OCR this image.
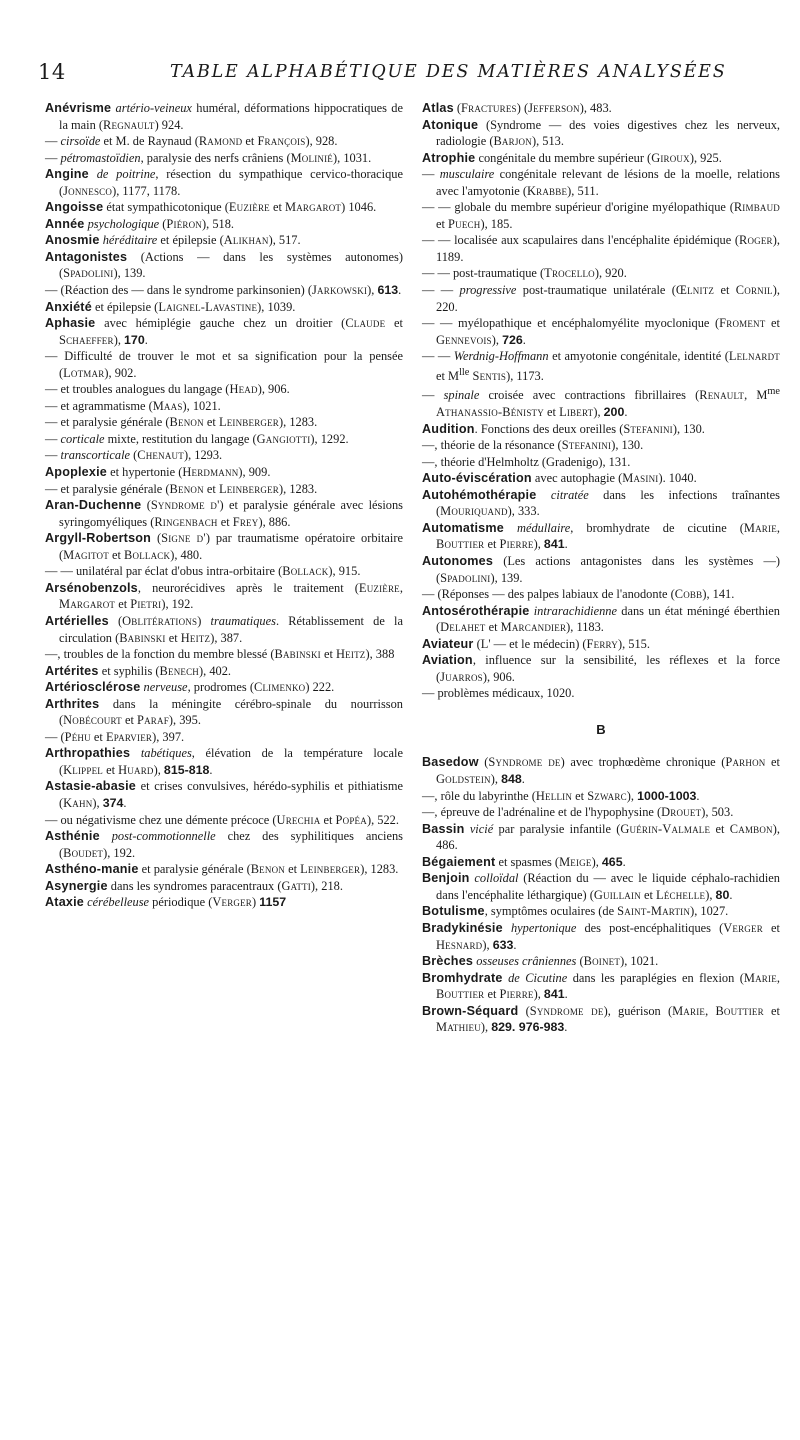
14	TABLE ALPHABÉTIQUE DES MATIÈRES ANALYSÉES

Anévrisme artério-veineux huméral, déformations hippocratiques de la main (Regnault) 924.

— cirsoïde et M. de Raynaud (Ramond et François), 928.

— pétromastoïdien, paralysie des nerfs crâniens (Molinié), 1031.

Angine de poitrine, résection du sympathique cervico-thoracique (Jonnesco), 1177, 1178.

Angoisse état sympathicotonique (Euzière et Margarot) 1046.

Année psychologique (Piéron), 518.

Anosmie héréditaire et épilepsie (Alikhan), 517.

Antagonistes (Actions — dans les systèmes autonomes) (Spadolini), 139.

— (Réaction des — dans le syndrome parkinsonien) (Jarkowski), 613.

Anxiété et épilepsie (Laignel-Lavastine), 1039.

Aphasie avec hémiplégie gauche chez un droitier (Claude et Schaeffer), 170.

— Difficulté de trouver le mot et sa signification pour la pensée (Lotmar), 902.

— et troubles analogues du langage (Head), 906.

— et agrammatisme (Maas), 1021.

— et paralysie générale (Benon et Leinberger), 1283.

— corticale mixte, restitution du langage (Gangiotti), 1292.

— transcorticale (Chenaut), 1293.

Apoplexie et hypertonie (Herdmann), 909.

— et paralysie générale (Benon et Leinberger), 1283.

Aran-Duchenne (Syndrome d') et paralysie générale avec lésions syringomyéliques (Ringenbach et Frey), 886.

Argyll-Robertson (Signe d') par traumatisme opératoire orbitaire (Magitot et Bollack), 480.

— — unilatéral par éclat d'obus intra-orbitaire (Bollack), 915.

Arsénobenzols, neurorécidives après le traitement (Euzière, Margarot et Pietri), 192.

Artérielles (Oblitérations) traumatiques. Rétablissement de la circulation (Babinski et Heitz), 387.

—, troubles de la fonction du membre blessé (Babinski et Heitz), 388

Artérites et syphilis (Benech), 402.

Artériosclérose nerveuse, prodromes (Climenko) 222.

Arthrites dans la méningite cérébro-spinale du nourrisson (Nobécourt et Paraf), 395.

— (Péhu et Eparvier), 397.

Arthropathies tabétiques, élévation de la température locale (Klippel et Huard), 815-818.

Astasie-abasie et crises convulsives, hérédo-syphilis et pithiatisme (Kahn), 374.

— ou négativisme chez une démente précoce (Urechia et Popéa), 522.

Asthénie post-commotionnelle chez des syphilitiques anciens (Boudet), 192.

Asthéno-manie et paralysie générale (Benon et Leinberger), 1283.

Asynergie dans les syndromes paracentraux (Gatti), 218.

Ataxie cérébelleuse périodique (Verger) 1157

Atlas (Fractures) (Jefferson), 483.

Atonique (Syndrome — des voies digestives chez les nerveux, radiologie (Barjon), 513.

Atrophie congénitale du membre supérieur (Giroux), 925.

— musculaire congénitale relevant de lésions de la moelle, relations avec l'amyotonie (Krabbe), 511.

— — globale du membre supérieur d'origine myélopathique (Rimbaud et Puech), 185.

— — localisée aux scapulaires dans l'encéphalite épidémique (Roger), 1189.

— — post-traumatique (Trocello), 920.

— — progressive post-traumatique unilatérale (Œlnitz et Cornil), 220.

— — myélopathique et encéphalomyélite myoclonique (Froment et Gennevois), 726.

— — Werdnig-Hoffmann et amyotonie congénitale, identité (Lelnardt et $M^{lle}$ Sentis), 1173.

— spinale croisée avec contractions fibrillaires (Renault, $M^{me}$ Athanassio-Bénisty et Libert), 200.

Audition. Fonctions des deux oreilles (Stefanini), 130.

—, théorie de la résonance (Stefanini), 130.

—, théorie d'Helmholtz (Gradenigo), 131.

Auto-éviscération avec autophagie (Masini). 1040.

Autohémothérapie citratée dans les infections traînantes (Mouriquand), 333.

Automatisme médullaire, bromhydrate de cicutine (Marie, Bouttier et Pierre), 841.

Autonomes (Les actions antagonistes dans les systèmes —) (Spadolini), 139.

— (Réponses — des palpes labiaux de l'anodonte (Cobb), 141.

Antosérothérapie intrarachidienne dans un état méningé éberthien (Delahet et Marcandier), 1183.

Aviateur (L' — et le médecin) (Ferry), 515.

Aviation, influence sur la sensibilité, les réflexes et la force (Juarros), 906.

— problèmes médicaux, 1020.

B

Basedow (Syndrome de) avec trophœdème chronique (Parhon et Goldstein), 848.

—, rôle du labyrinthe (Hellin et Szwarc), 1000-1003.

—, épreuve de l'adrénaline et de l'hypophysine (Drouet), 503.

Bassin vicié par paralysie infantile (Guérin-Valmale et Cambon), 486.

Bégaiement et spasmes (Meige), 465.

Benjoin colloïdal (Réaction du — avec le liquide céphalo-rachidien dans l'encéphalite léthargique) (Guillain et Léchelle), 80.

Botulisme, symptômes oculaires (de Saint-Martin), 1027.

Bradykinésie hypertonique des post-encéphalitiques (Verger et Hesnard), 633.

Brèches osseuses crâniennes (Boinet), 1021.

Bromhydrate de Cicutine dans les paraplégies en flexion (Marie, Bouttier et Pierre), 841.

Brown-Séquard (Syndrome de), guérison (Marie, Bouttier et Mathieu), 829. 976-983.
